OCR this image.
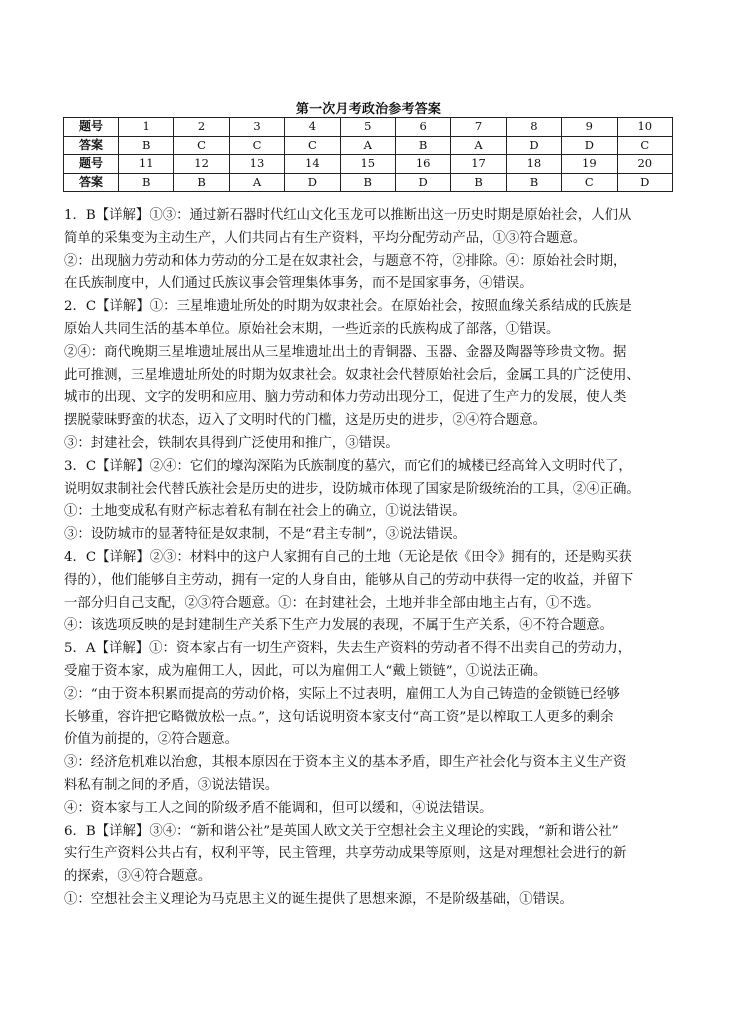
第一次月考政治参考答案
题号	1	2	3	4	5	6	7	8	9	10
答案	B	C	C	C	A	B	A	D	D	C
题号	11	12	13	14	15	16	17	18	19	20
答案	B	B	A	D	B	D	B	B	C	D

1．B【详解】①③：通过新石器时代红山文化玉龙可以推断出这一历史时期是原始社会，人们从

简单的采集变为主动生产，人们共同占有生产资料，平均分配劳动产品，①③符合题意。

②：出现脑力劳动和体力劳动的分工是在奴隶社会，与题意不符，②排除。④：原始社会时期，

在氏族制度中，人们通过氏族议事会管理集体事务，而不是国家事务，④错误。

2．C【详解】①：三星堆遗址所处的时期为奴隶社会。在原始社会，按照血缘关系结成的氏族是

原始人共同生活的基本单位。原始社会末期，一些近亲的氏族构成了部落，①错误。

②④：商代晚期三星堆遗址展出从三星堆遗址出土的青铜器、玉器、金器及陶器等珍贵文物。据

此可推测，三星堆遗址所处的时期为奴隶社会。奴隶社会代替原始社会后，金属工具的广泛使用、

城市的出现、文字的发明和应用、脑力劳动和体力劳动出现分工，促进了生产力的发展，使人类

摆脱蒙昧野蛮的状态，迈入了文明时代的门槛，这是历史的进步，②④符合题意。

③：封建社会，铁制农具得到广泛使用和推广，③错误。

3．C【详解】②④：它们的壕沟深陷为氏族制度的墓穴，而它们的城楼已经高耸入文明时代了，

说明奴隶制社会代替氏族社会是历史的进步，设防城市体现了国家是阶级统治的工具，②④正确。

①：土地变成私有财产标志着私有制在社会上的确立，①说法错误。

③：设防城市的显著特征是奴隶制，不是“君主专制”，③说法错误。

4．C【详解】②③：材料中的这户人家拥有自己的土地（无论是依《田令》拥有的，还是购买获

得的），他们能够自主劳动，拥有一定的人身自由，能够从自己的劳动中获得一定的收益，并留下

一部分归自己支配，②③符合题意。①：在封建社会，土地并非全部由地主占有，①不选。

④：该选项反映的是封建制生产关系下生产力发展的表现，不属于生产关系，④不符合题意。

5．A【详解】①：资本家占有一切生产资料，失去生产资料的劳动者不得不出卖自己的劳动力，

受雇于资本家，成为雇佣工人，因此，可以为雇佣工人“戴上锁链”，①说法正确。

②：“由于资本积累而提高的劳动价格，实际上不过表明，雇佣工人为自己铸造的金锁链已经够

长够重，容许把它略微放松一点。”，这句话说明资本家支付“高工资”是以榨取工人更多的剩余

价值为前提的，②符合题意。

③：经济危机难以治愈，其根本原因在于资本主义的基本矛盾，即生产社会化与资本主义生产资

料私有制之间的矛盾，③说法错误。

④：资本家与工人之间的阶级矛盾不能调和，但可以缓和，④说法错误。

6．B【详解】③④：“新和谐公社”是英国人欧文关于空想社会主义理论的实践，“新和谐公社”

实行生产资料公共占有，权利平等，民主管理，共享劳动成果等原则，这是对理想社会进行的新

的探索，③④符合题意。

①：空想社会主义理论为马克思主义的诞生提供了思想来源，不是阶级基础，①错误。
